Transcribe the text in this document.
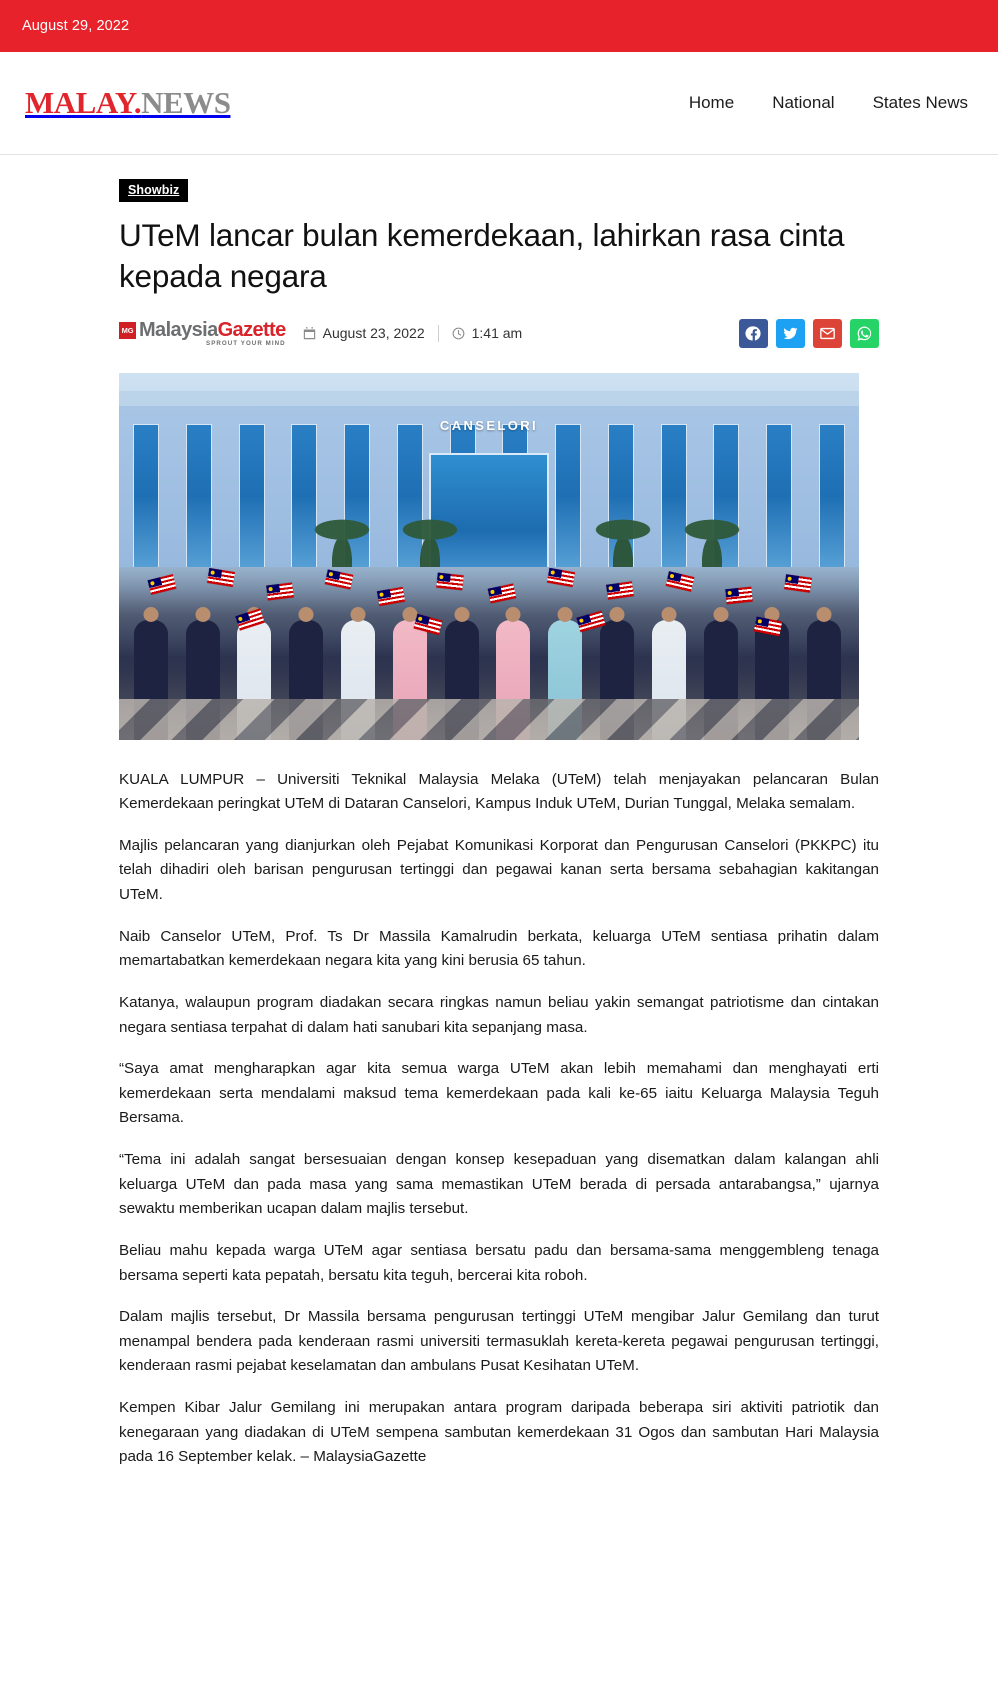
August 29, 2022
MALAY.NEWS	Home National States News
Showbiz
UTeM lancar bulan kemerdekaan, lahirkan rasa cinta kepada negara
MG MalaysiaGazette
SPROUT YOUR MIND
August 23, 2022	1:41 am
CANSELORI

KUALA LUMPUR – Universiti Teknikal Malaysia Melaka (UTeM) telah menjayakan pelancaran Bulan Kemerdekaan peringkat UTeM di Dataran Canselori, Kampus Induk UTeM, Durian Tunggal, Melaka semalam.

Majlis pelancaran yang dianjurkan oleh Pejabat Komunikasi Korporat dan Pengurusan Canselori (PKKPC) itu telah dihadiri oleh barisan pengurusan tertinggi dan pegawai kanan serta bersama sebahagian kakitangan UTeM.

Naib Canselor UTeM, Prof. Ts Dr Massila Kamalrudin berkata, keluarga UTeM sentiasa prihatin dalam memartabatkan kemerdekaan negara kita yang kini berusia 65 tahun.

Katanya, walaupun program diadakan secara ringkas namun beliau yakin semangat patriotisme dan cintakan negara sentiasa terpahat di dalam hati sanubari kita sepanjang masa.

“Saya amat mengharapkan agar kita semua warga UTeM akan lebih memahami dan menghayati erti kemerdekaan serta mendalami maksud tema kemerdekaan pada kali ke-65 iaitu Keluarga Malaysia Teguh Bersama.

“Tema ini adalah sangat bersesuaian dengan konsep kesepaduan yang disematkan dalam kalangan ahli keluarga UTeM dan pada masa yang sama memastikan UTeM berada di persada antarabangsa,” ujarnya sewaktu memberikan ucapan dalam majlis tersebut.

Beliau mahu kepada warga UTeM agar sentiasa bersatu padu dan bersama-sama menggembleng tenaga bersama seperti kata pepatah, bersatu kita teguh, bercerai kita roboh.

Dalam majlis tersebut, Dr Massila bersama pengurusan tertinggi UTeM mengibar Jalur Gemilang dan turut menampal bendera pada kenderaan rasmi universiti termasuklah kereta-kereta pegawai pengurusan tertinggi, kenderaan rasmi pejabat keselamatan dan ambulans Pusat Kesihatan UTeM.

Kempen Kibar Jalur Gemilang ini merupakan antara program daripada beberapa siri aktiviti patriotik dan kenegaraan yang diadakan di UTeM sempena sambutan kemerdekaan 31 Ogos dan sambutan Hari Malaysia pada 16 September kelak. – MalaysiaGazette
